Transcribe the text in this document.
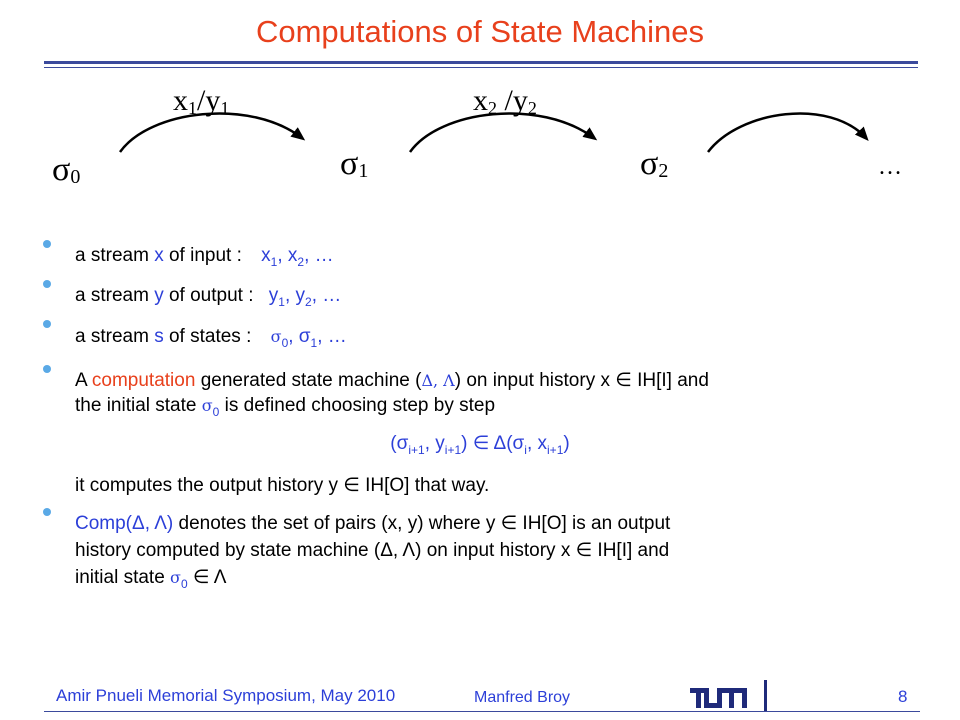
Computations of State Machines
x1/y1	x2 /y2
σ0	σ1	σ2	…
a stream x of input : $x_1$, $x_2$, …
a stream y of output : $y_1$, $y_2$, …
a stream s of states : $\sigma_0$, $\sigma_1$, …
A computation generated state machine (Δ, Λ) on input history x ∈ IH[I] and
the initial state $\sigma_0$ is defined choosing step by step
($\sigma_{i+1}$, $y_{i+1}$) ∈ $\Delta(\sigma_i$, $x_{i+1}$)
it computes the output history y ∈ IH[O] that way.
Comp(Δ, Λ) denotes the set of pairs (x, y) where y ∈ IH[O] is an output
history computed by state machine (Δ, Λ) on input history x ∈ IH[I] and
initial state $\sigma_0$ ∈ Λ
Amir Pnueli Memorial Symposium, May 2010	Manfred Broy	8
